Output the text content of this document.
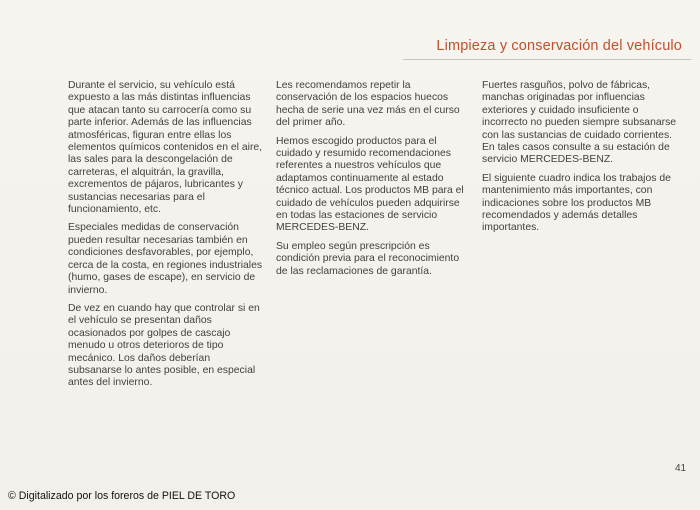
Limpieza y conservación del vehículo

Durante el servicio, su vehículo está expuesto a las más distintas influencias que atacan tanto su carrocería como su parte inferior. Además de las influencias atmosféricas, figuran entre ellas los elementos químicos contenidos en el aire, las sales para la descongelación de carreteras, el alquitrán, la gravilla, excrementos de pájaros, lubricantes y sustancias necesarias para el funcionamiento, etc.

Especiales medidas de conservación pueden resultar necesarias también en condiciones desfavorables, por ejemplo, cerca de la costa, en regiones industriales (humo, gases de escape), en servicio de invierno.

De vez en cuando hay que controlar si en el vehículo se presentan daños ocasionados por golpes de cascajo menudo u otros deterioros de tipo mecánico. Los daños deberían subsanarse lo antes posible, en especial antes del invierno.

Les recomendamos repetir la conservación de los espacios huecos hecha de serie una vez más en el curso del primer año.

Hemos escogido productos para el cuidado y resumido recomendaciones referentes a nuestros vehículos que adaptamos continuamente al estado técnico actual. Los productos MB para el cuidado de vehículos pueden adquirirse en todas las estaciones de servicio MERCEDES-BENZ.

Su empleo según prescripción es condición previa para el reconocimiento de las reclamaciones de garantía.

Fuertes rasguños, polvo de fábricas, manchas originadas por influencias exteriores y cuidado insuficiente o incorrecto no pueden siempre subsanarse con las sustancias de cuidado corrientes. En tales casos consulte a su estación de servicio MERCEDES-BENZ.

El siguiente cuadro indica los trabajos de mantenimiento más importantes, con indicaciones sobre los productos MB recomendados y además detalles importantes.

41
© Digitalizado por los foreros de PIEL DE TORO
